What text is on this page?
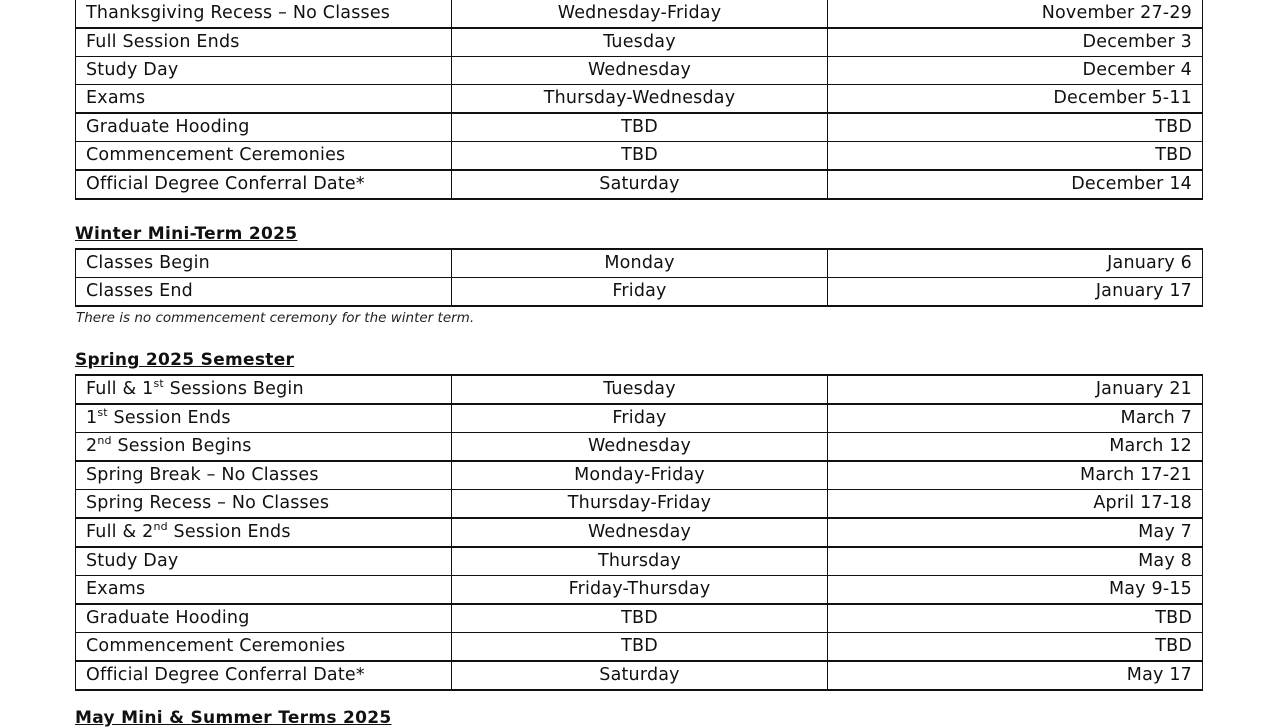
Thanksgiving Recess – No Classes	Wednesday-Friday	November 27-29
Full Session Ends	Tuesday	December 3
Study Day	Wednesday	December 4
Exams	Thursday-Wednesday	December 5-11
Graduate Hooding	TBD	TBD
Commencement Ceremonies	TBD	TBD
Official Degree Conferral Date*	Saturday	December 14
Winter Mini-Term 2025
Classes Begin	Monday	January 6
Classes End	Friday	January 17
There is no commencement ceremony for the winter term.
Spring 2025 Semester
Full & 1st Sessions Begin	Tuesday	January 21
1st Session Ends	Friday	March 7
2nd Session Begins	Wednesday	March 12
Spring Break – No Classes	Monday-Friday	March 17-21
Spring Recess – No Classes	Thursday-Friday	April 17-18
Full & 2nd Session Ends	Wednesday	May 7
Study Day	Thursday	May 8
Exams	Friday-Thursday	May 9-15
Graduate Hooding	TBD	TBD
Commencement Ceremonies	TBD	TBD
Official Degree Conferral Date*	Saturday	May 17
May Mini & Summer Terms 2025
